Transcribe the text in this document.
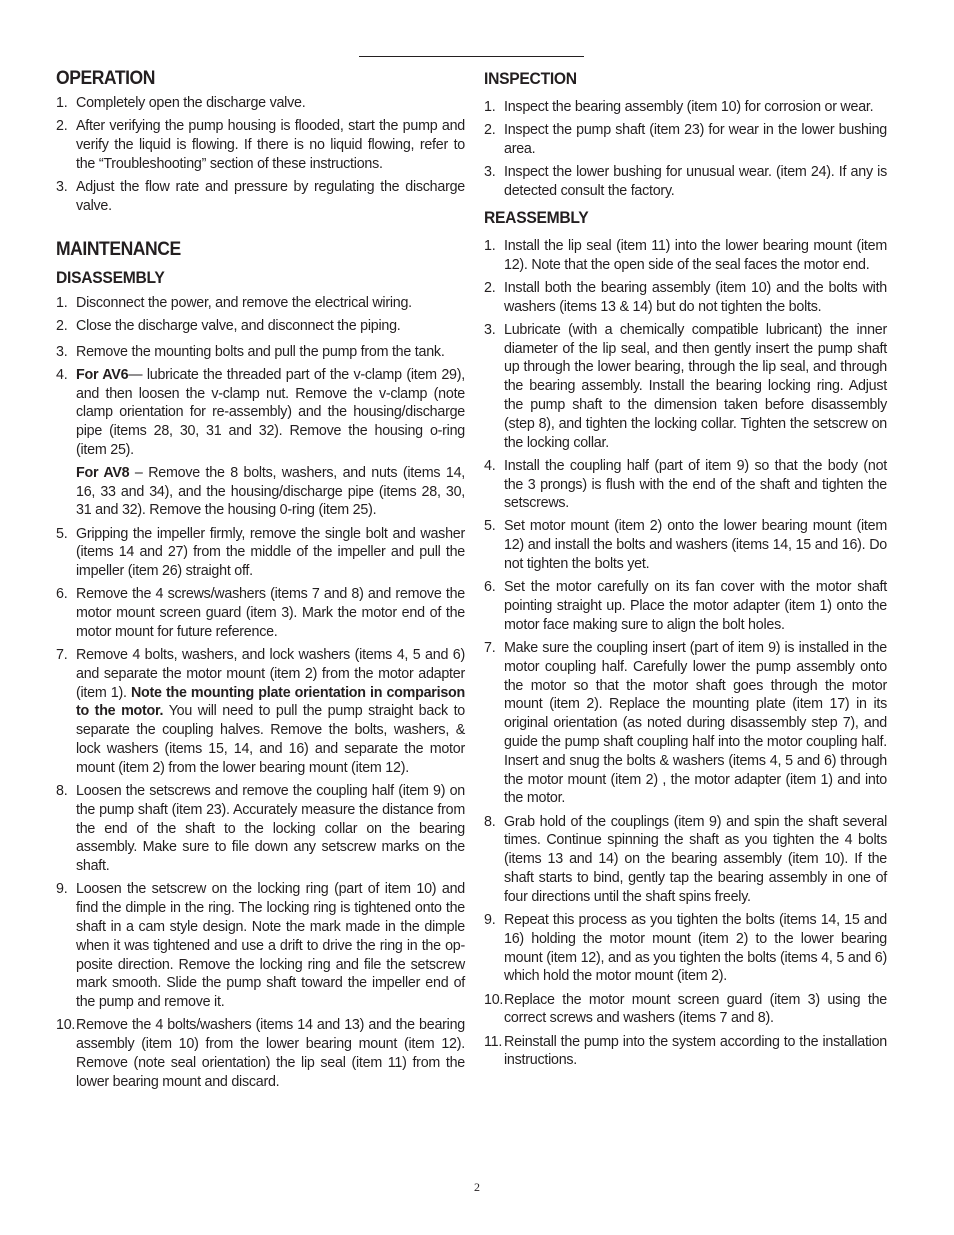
OPERATION
1. Completely open the discharge valve.
2. After verifying the pump housing is flooded, start the pump and verify the liquid is flowing. If there is no liquid flowing, refer to the “Troubleshooting” section of these instructions.
3. Adjust the flow rate and pressure by regulating the discharge valve.
MAINTENANCE
DISASSEMBLY
1. Disconnect the power, and remove the electrical wiring.
2. Close the discharge valve, and disconnect the piping.
3. Remove the mounting bolts and pull the pump from the tank.
4. For AV6— lubricate the threaded part of the v-clamp (item 29), and then loosen the v-clamp nut. Remove the v-clamp (note clamp orientation for re-assembly) and the housing/discharge pipe (items 28, 30, 31 and 32). Remove the housing o-ring (item 25).
For AV8 – Remove the 8 bolts, washers, and nuts (items 14, 16, 33 and 34), and the housing/discharge pipe (items 28, 30, 31 and 32). Remove the housing 0-ring (item 25).
5. Gripping the impeller firmly, remove the single bolt and washer (items 14 and 27) from the middle of the impeller and pull the impeller (item 26) straight off.
6. Remove the 4 screws/washers (items 7 and 8) and remove the motor mount screen guard (item 3). Mark the motor end of the motor mount for future reference.
7. Remove 4 bolts, washers, and lock washers (items 4, 5 and 6) and separate the motor mount (item 2) from the motor adapter (item 1). Note the mounting plate orientation in comparison to the motor. You will need to pull the pump straight back to separate the coupling halves. Remove the bolts, washers, & lock washers (items 15, 14, and 16) and separate the motor mount (item 2) from the lower bearing mount (item 12).
8. Loosen the setscrews and remove the coupling half (item 9) on the pump shaft (item 23). Accurately measure the distance from the end of the shaft to the locking collar on the bearing assembly. Make sure to file down any setscrew marks on the shaft.
9. Loosen the setscrew on the locking ring (part of item 10) and find the dimple in the ring. The locking ring is tightened onto the shaft in a cam style design. Note the mark made in the dimple when it was tightened and use a drift to drive the ring in the op-posite direction. Remove the locking ring and file the setscrew mark smooth. Slide the pump shaft toward the impeller end of the pump and remove it.
10. Remove the 4 bolts/washers (items 14 and 13) and the bearing assembly (item 10) from the lower bearing mount (item 12). Remove (note seal orientation) the lip seal (item 11) from the lower bearing mount and discard.
INSPECTION
1. Inspect the bearing assembly (item 10) for corrosion or wear.
2. Inspect the pump shaft (item 23) for wear in the lower bushing area.
3. Inspect the lower bushing for unusual wear. (item 24). If any is detected consult the factory.
REASSEMBLY
1. Install the lip seal (item 11) into the lower bearing mount (item 12). Note that the open side of the seal faces the motor end.
2. Install both the bearing assembly (item 10) and the bolts with washers (items 13 & 14) but do not tighten the bolts.
3. Lubricate (with a chemically compatible lubricant) the inner diameter of the lip seal, and then gently insert the pump shaft up through the lower bearing, through the lip seal, and through the bearing assembly. Install the bearing locking ring. Adjust the pump shaft to the dimension taken before disassembly (step 8), and tighten the locking collar. Tighten the setscrew on the locking collar.
4. Install the coupling half (part of item 9) so that the body (not the 3 prongs) is flush with the end of the shaft and tighten the setscrews.
5. Set motor mount (item 2) onto the lower bearing mount (item 12) and install the bolts and washers (items 14, 15 and 16). Do not tighten the bolts yet.
6. Set the motor carefully on its fan cover with the motor shaft pointing straight up. Place the motor adapter (item 1) onto the motor face making sure to align the bolt holes.
7. Make sure the coupling insert (part of item 9) is installed in the motor coupling half. Carefully lower the pump assembly onto the motor so that the motor shaft goes through the motor mount (item 2). Replace the mounting plate (item 17) in its original orientation (as noted during disassembly step 7), and guide the pump shaft coupling half into the motor coupling half. Insert and snug the bolts & washers (items 4, 5 and 6) through the motor mount (item 2) , the motor adapter (item 1) and into the motor.
8. Grab hold of the couplings (item 9) and spin the shaft several times. Continue spinning the shaft as you tighten the 4 bolts (items 13 and 14) on the bearing assembly (item 10). If the shaft starts to bind, gently tap the bearing assembly in one of four directions until the shaft spins freely.
9. Repeat this process as you tighten the bolts (items 14, 15 and 16) holding the motor mount (item 2) to the lower bearing mount (item 12), and as you tighten the bolts (items 4, 5 and 6) which hold the motor mount (item 2).
10. Replace the motor mount screen guard (item 3) using the correct screws and washers (items 7 and 8).
11. Reinstall the pump into the system according to the installation instructions.
2
